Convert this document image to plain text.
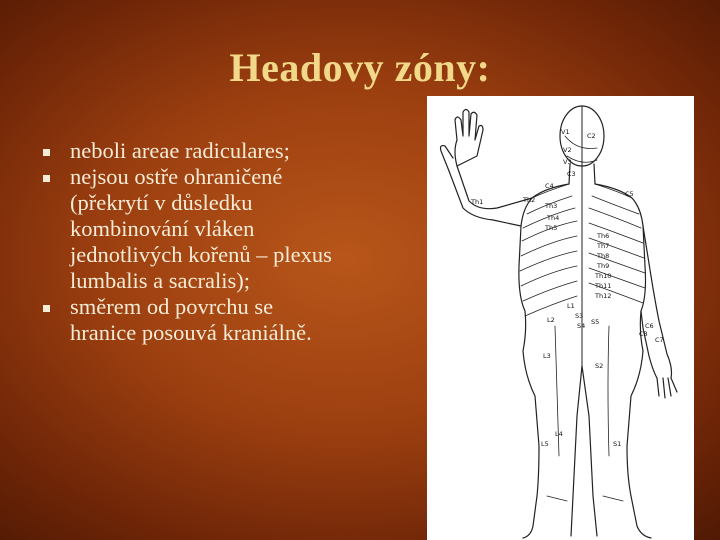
Headovy zóny:
neboli areae radiculares;
nejsou ostře ohraničené
(překrytí v důsledku
kombinování vláken
jednotlivých kořenů – plexus
lumbalis a sacralis);
směrem od povrchu se
hranice posouvá kraniálně.
V1	C2
V2
V3
C3
C4
C5
Th1	Th2
Th3
Th4
Th5
Th6
Th7
Th8
Th9
Th10
Th11
Th12
L1
L2	S3
S4 S5
L3
S2
L4
L5	S1
C6
C7
C8
